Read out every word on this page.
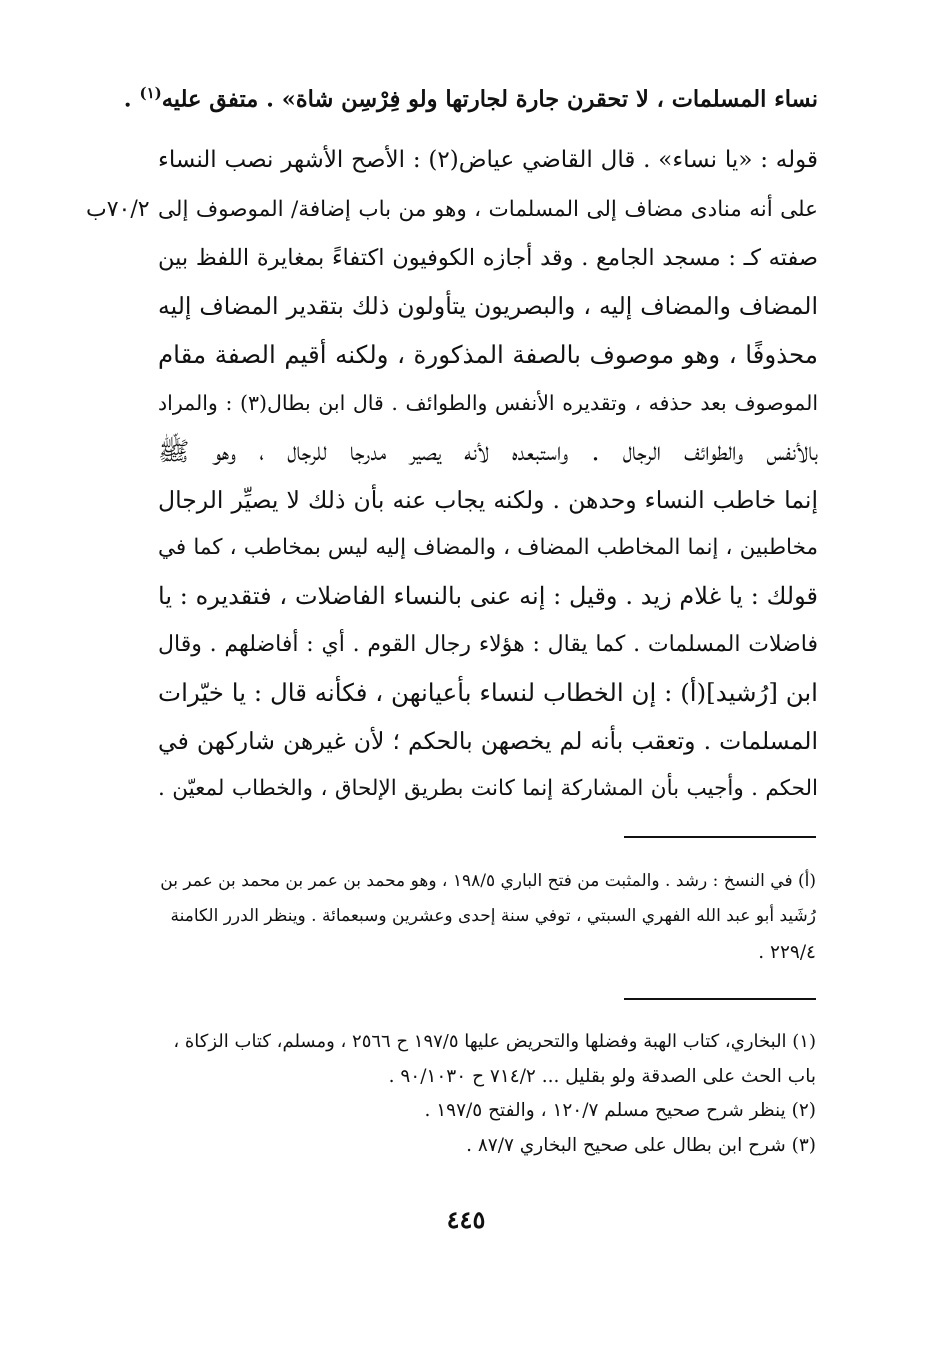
نساء المسلمات ، لا تحقرن جارة لجارتها ولو فِرْسِن شاة» . متفق عليه$^{(١)}$ .
٧٠/٢ب
قوله : «يا نساء» . قال القاضي عياض(٢) : الأصح الأشهر نصب النساء
على أنه منادى مضاف إلى المسلمات ، وهو من باب إضافة/ الموصوف إلى
صفته كـ : مسجد الجامع . وقد أجازه الكوفيون اكتفاءً بمغايرة اللفظ بين
المضاف والمضاف إليه ، والبصريون يتأولون ذلك بتقدير المضاف إليه
محذوفًا ، وهو موصوف بالصفة المذكورة ، ولكنه أقيم الصفة مقام
الموصوف بعد حذفه ، وتقديره الأنفس والطوائف . قال ابن بطال(٣) : والمراد
بالأنفس والطوائف الرجال . واستبعده لأنه يصير مدرجا للرجال ، وهو ﷺ
إنما خاطب النساء وحدهن . ولكنه يجاب عنه بأن ذلك لا يصيِّر الرجال
مخاطبين ، إنما المخاطب المضاف ، والمضاف إليه ليس بمخاطب ، كما في
قولك : يا غلام زيد . وقيل : إنه عنى بالنساء الفاضلات ، فتقديره : يا
فاضلات المسلمات . كما يقال : هؤلاء رجال القوم . أي : أفاضلهم . وقال
ابن [رُشيد](أ) : إن الخطاب لنساء بأعيانهن ، فكأنه قال : يا خيّرات
المسلمات . وتعقب بأنه لم يخصهن بالحكم ؛ لأن غيرهن شاركهن في
الحكم . وأجيب بأن المشاركة إنما كانت بطريق الإلحاق ، والخطاب لمعيّن .
(أ) في النسخ : رشد . والمثبت من فتح الباري ١٩٨/٥ ، وهو محمد بن عمر بن محمد بن عمر بن
رُشَيد أبو عبد الله الفهري السبتي ، توفي سنة إحدى وعشرين وسبعمائة . وينظر الدرر الكامنة
٢٢٩/٤ .
(١) البخاري، كتاب الهبة وفضلها والتحريض عليها ١٩٧/٥ ح ٢٥٦٦ ، ومسلم، كتاب الزكاة ،
باب الحث على الصدقة ولو بقليل ... ٧١٤/٢ ح ٩٠/١٠٣٠ .
(٢) ينظر شرح صحيح مسلم ١٢٠/٧ ، والفتح ١٩٧/٥ .
(٣) شرح ابن بطال على صحيح البخاري ٨٧/٧ .
٤٤٥
